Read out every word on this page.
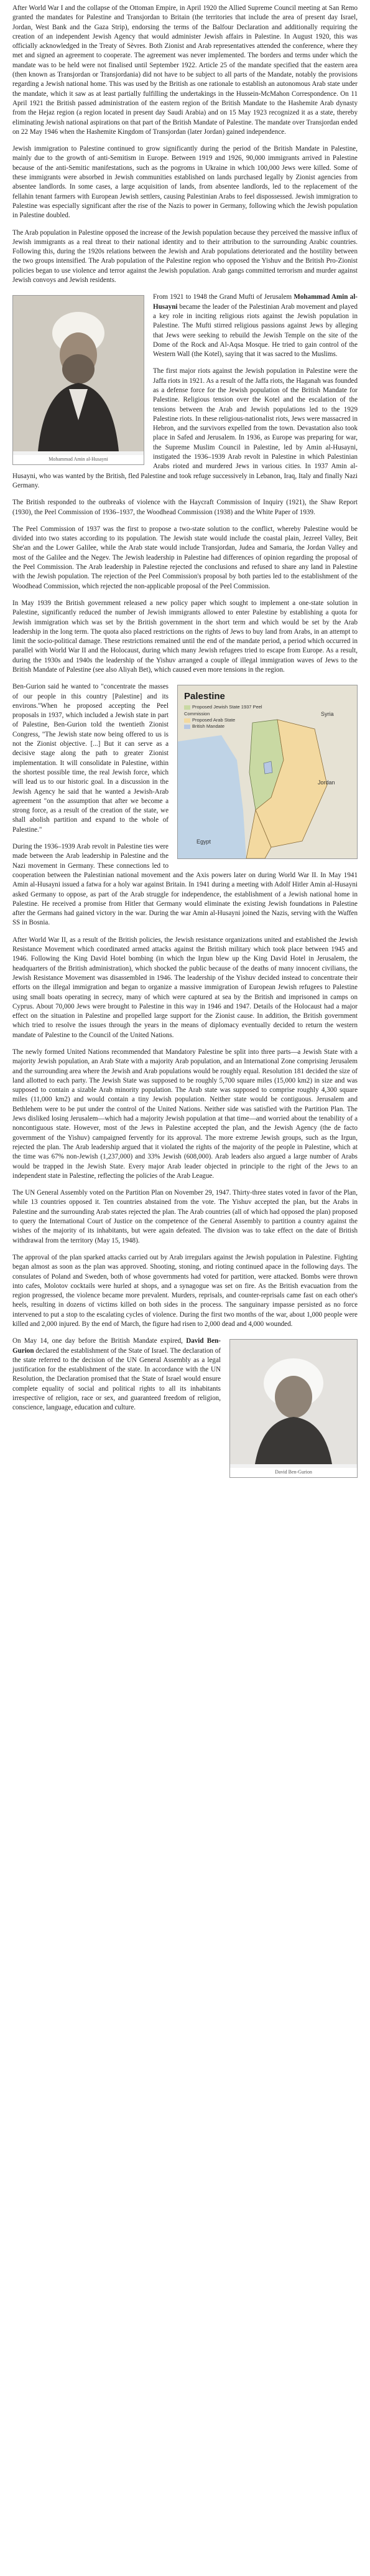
After World War I and the collapse of the Ottoman Empire, in April 1920 the Allied Supreme Council meeting at San Remo granted the mandates for Palestine and Transjordan to Britain (the territories that include the area of present day Israel, Jordan, West Bank and the Gaza Strip), endorsing the terms of the Balfour Declaration and additionally requiring the creation of an independent Jewish Agency that would administer Jewish affairs in Palestine. In August 1920, this was officially acknowledged in the Treaty of Sèvres. Both Zionist and Arab representatives attended the conference, where they met and signed an agreement to cooperate. The agreement was never implemented. The borders and terms under which the mandate was to be held were not finalised until September 1922. Article 25 of the mandate specified that the eastern area (then known as Transjordan or Transjordania) did not have to be subject to all parts of the Mandate, notably the provisions regarding a Jewish national home. This was used by the British as one rationale to establish an autonomous Arab state under the mandate, which it saw as at least partially fulfilling the undertakings in the Hussein-McMahon Correspondence. On 11 April 1921 the British passed administration of the eastern region of the British Mandate to the Hashemite Arab dynasty from the Hejaz region (a region located in present day Saudi Arabia) and on 15 May 1923 recognized it as a state, thereby eliminating Jewish national aspirations on that part of the British Mandate of Palestine. The mandate over Transjordan ended on 22 May 1946 when the Hashemite Kingdom of Transjordan (later Jordan) gained independence.

Jewish immigration to Palestine continued to grow significantly during the period of the British Mandate in Palestine, mainly due to the growth of anti-Semitism in Europe. Between 1919 and 1926, 90,000 immigrants arrived in Palestine because of the anti-Semitic manifestations, such as the pogroms in Ukraine in which 100,000 Jews were killed. Some of these immigrants were absorbed in Jewish communities established on lands purchased legally by Zionist agencies from absentee landlords. In some cases, a large acquisition of lands, from absentee landlords, led to the replacement of the fellahin tenant farmers with European Jewish settlers, causing Palestinian Arabs to feel dispossessed. Jewish immigration to Palestine was especially significant after the rise of the Nazis to power in Germany, following which the Jewish population in Palestine doubled.

The Arab population in Palestine opposed the increase of the Jewish population because they perceived the massive influx of Jewish immigrants as a real threat to their national identity and to their attribution to the surrounding Arabic countries. Following this, during the 1920s relations between the Jewish and Arab populations deteriorated and the hostility between the two groups intensified. The Arab population of the Palestine region who opposed the Yishuv and the British Pro-Zionist policies began to use violence and terror against the Jewish population. Arab gangs committed terrorism and murder against Jewish convoys and Jewish residents.

Mohammad Amin al-Husayni

From 1921 to 1948 the Grand Mufti of Jerusalem Mohammad Amin al-Husayni became the leader of the Palestinian Arab movement and played a key role in inciting religious riots against the Jewish population in Palestine. The Mufti stirred religious passions against Jews by alleging that Jews were seeking to rebuild the Jewish Temple on the site of the Dome of the Rock and Al-Aqsa Mosque. He tried to gain control of the Western Wall (the Kotel), saying that it was sacred to the Muslims.

The first major riots against the Jewish population in Palestine were the Jaffa riots in 1921. As a result of the Jaffa riots, the Haganah was founded as a defense force for the Jewish population of the British Mandate for Palestine. Religious tension over the Kotel and the escalation of the tensions between the Arab and Jewish populations led to the 1929 Palestine riots. In these religious-nationalist riots, Jews were massacred in Hebron, and the survivors expelled from the town. Devastation also took place in Safed and Jerusalem. In 1936, as Europe was preparing for war, the Supreme Muslim Council in Palestine, led by Amin al-Husayni, instigated the 1936–1939 Arab revolt in Palestine in which Palestinian Arabs rioted and murdered Jews in various cities. In 1937 Amin al-Husayni, who was wanted by the British, fled Palestine and took refuge successively in Lebanon, Iraq, Italy and finally Nazi Germany.

The British responded to the outbreaks of violence with the Haycraft Commission of Inquiry (1921), the Shaw Report (1930), the Peel Commission of 1936–1937, the Woodhead Commission (1938) and the White Paper of 1939.

The Peel Commission of 1937 was the first to propose a two-state solution to the conflict, whereby Palestine would be divided into two states according to its population. The Jewish state would include the coastal plain, Jezreel Valley, Beit She'an and the Lower Galilee, while the Arab state would include Transjordan, Judea and Samaria, the Jordan Valley and most of the Galilee and the Negev. The Jewish leadership in Palestine had differences of opinion regarding the proposal of the Peel Commission. The Arab leadership in Palestine rejected the conclusions and refused to share any land in Palestine with the Jewish population. The rejection of the Peel Commission's proposal by both parties led to the establishment of the Woodhead Commission, which rejected the non-applicable proposal of the Peel Commission.

In May 1939 the British government released a new policy paper which sought to implement a one-state solution in Palestine, significantly reduced the number of Jewish immigrants allowed to enter Palestine by establishing a quota for Jewish immigration which was set by the British government in the short term and which would be set by the Arab leadership in the long term. The quota also placed restrictions on the rights of Jews to buy land from Arabs, in an attempt to limit the socio-political damage. These restrictions remained until the end of the mandate period, a period which occurred in parallel with World War II and the Holocaust, during which many Jewish refugees tried to escape from Europe. As a result, during the 1930s and 1940s the leadership of the Yishuv arranged a couple of illegal immigration waves of Jews to the British Mandate of Palestine (see also Aliyah Bet), which caused even more tensions in the region.

Palestine
Proposed Jewish State 1937 Peel Commission
Proposed Arab State
British Mandate
Syria
Jordan
Egypt

Ben-Gurion said he wanted to "concentrate the masses of our people in this country [Palestine] and its environs."When he proposed accepting the Peel proposals in 1937, which included a Jewish state in part of Palestine, Ben-Gurion told the twentieth Zionist Congress, "The Jewish state now being offered to us is not the Zionist objective. [...] But it can serve as a decisive stage along the path to greater Zionist implementation. It will consolidate in Palestine, within the shortest possible time, the real Jewish force, which will lead us to our historic goal. In a discussion in the Jewish Agency he said that he wanted a Jewish-Arab agreement "on the assumption that after we become a strong force, as a result of the creation of the state, we shall abolish partition and expand to the whole of Palestine."

During the 1936–1939 Arab revolt in Palestine ties were made between the Arab leadership in Palestine and the Nazi movement in Germany. These connections led to cooperation between the Palestinian national movement and the Axis powers later on during World War II. In May 1941 Amin al-Husayni issued a fatwa for a holy war against Britain. In 1941 during a meeting with Adolf Hitler Amin al-Husayni asked Germany to oppose, as part of the Arab struggle for independence, the establishment of a Jewish national home in Palestine. He received a promise from Hitler that Germany would eliminate the existing Jewish foundations in Palestine after the Germans had gained victory in the war. During the war Amin al-Husayni joined the Nazis, serving with the Waffen SS in Bosnia.

After World War II, as a result of the British policies, the Jewish resistance organizations united and established the Jewish Resistance Movement which coordinated armed attacks against the British military which took place between 1945 and 1946. Following the King David Hotel bombing (in which the Irgun blew up the King David Hotel in Jerusalem, the headquarters of the British administration), which shocked the public because of the deaths of many innocent civilians, the Jewish Resistance Movement was disassembled in 1946. The leadership of the Yishuv decided instead to concentrate their efforts on the illegal immigration and began to organize a massive immigration of European Jewish refugees to Palestine using small boats operating in secrecy, many of which were captured at sea by the British and imprisoned in camps on Cyprus. About 70,000 Jews were brought to Palestine in this way in 1946 and 1947. Details of the Holocaust had a major effect on the situation in Palestine and propelled large support for the Zionist cause. In addition, the British government which tried to resolve the issues through the years in the means of diplomacy eventually decided to return the western mandate of Palestine to the Council of the United Nations.

The newly formed United Nations recommended that Mandatory Palestine be split into three parts—a Jewish State with a majority Jewish population, an Arab State with a majority Arab population, and an International Zone comprising Jerusalem and the surrounding area where the Jewish and Arab populations would be roughly equal. Resolution 181 decided the size of land allotted to each party. The Jewish State was supposed to be roughly 5,700 square miles (15,000 km2) in size and was supposed to contain a sizable Arab minority population. The Arab state was supposed to comprise roughly 4,300 square miles (11,000 km2) and would contain a tiny Jewish population. Neither state would be contiguous. Jerusalem and Bethlehem were to be put under the control of the United Nations. Neither side was satisfied with the Partition Plan. The Jews disliked losing Jerusalem—which had a majority Jewish population at that time—and worried about the tenability of a noncontiguous state. However, most of the Jews in Palestine accepted the plan, and the Jewish Agency (the de facto government of the Yishuv) campaigned fervently for its approval. The more extreme Jewish groups, such as the Irgun, rejected the plan. The Arab leadership argued that it violated the rights of the majority of the people in Palestine, which at the time was 67% non-Jewish (1,237,000) and 33% Jewish (608,000). Arab leaders also argued a large number of Arabs would be trapped in the Jewish State. Every major Arab leader objected in principle to the right of the Jews to an independent state in Palestine, reflecting the policies of the Arab League.

The UN General Assembly voted on the Partition Plan on November 29, 1947. Thirty-three states voted in favor of the Plan, while 13 countries opposed it. Ten countries abstained from the vote. The Yishuv accepted the plan, but the Arabs in Palestine and the surrounding Arab states rejected the plan. The Arab countries (all of which had opposed the plan) proposed to query the International Court of Justice on the competence of the General Assembly to partition a country against the wishes of the majority of its inhabitants, but were again defeated. The division was to take effect on the date of British withdrawal from the territory (May 15, 1948).

The approval of the plan sparked attacks carried out by Arab irregulars against the Jewish population in Palestine. Fighting began almost as soon as the plan was approved. Shooting, stoning, and rioting continued apace in the following days. The consulates of Poland and Sweden, both of whose governments had voted for partition, were attacked. Bombs were thrown into cafes, Molotov cocktails were hurled at shops, and a synagogue was set on fire. As the British evacuation from the region progressed, the violence became more prevalent. Murders, reprisals, and counter-reprisals came fast on each other's heels, resulting in dozens of victims killed on both sides in the process. The sanguinary impasse persisted as no force intervened to put a stop to the escalating cycles of violence. During the first two months of the war, about 1,000 people were killed and 2,000 injured. By the end of March, the figure had risen to 2,000 dead and 4,000 wounded.

David Ben-Gurion

On May 14, one day before the British Mandate expired, David Ben-Gurion declared the establishment of the State of Israel. The declaration of the state referred to the decision of the UN General Assembly as a legal justification for the establishment of the state. In accordance with the UN Resolution, the Declaration promised that the State of Israel would ensure complete equality of social and political rights to all its inhabitants irrespective of religion, race or sex, and guaranteed freedom of religion, conscience, language, education and culture.
